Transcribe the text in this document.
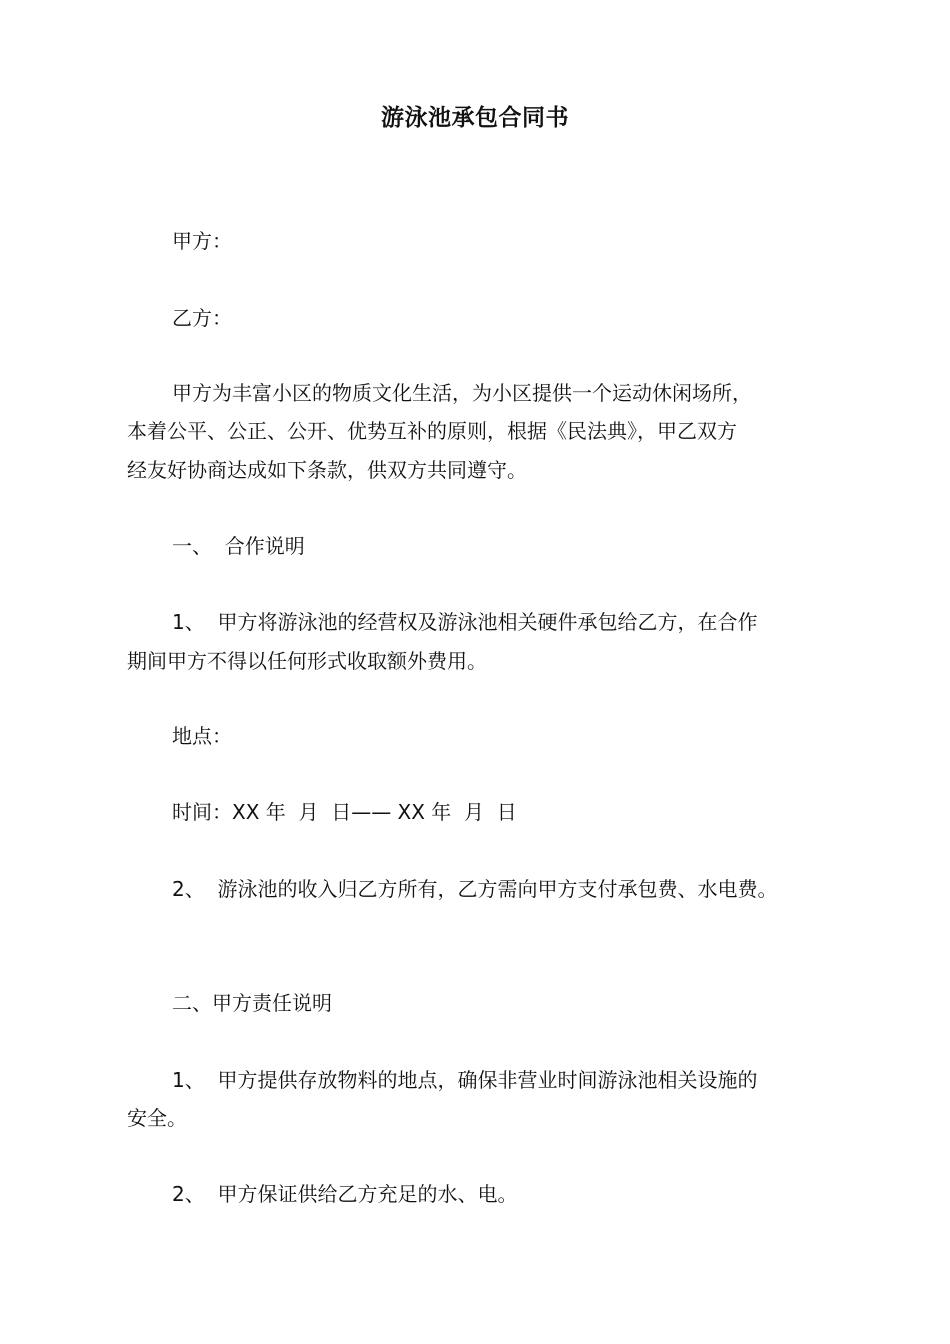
游泳池承包合同书
甲方：
乙方：
甲方为丰富小区的物质文化生活，为小区提供一个运动休闲场所，
本着公平、公正、公开、优势互补的原则，根据《民法典》，甲乙双方
经友好协商达成如下条款，供双方共同遵守。
一、  合作说明
1、  甲方将游泳池的经营权及游泳池相关硬件承包给乙方，在合作
期间甲方不得以任何形式收取额外费用。
地点：
时间：XX 年  月  日—— XX 年  月  日
2、  游泳池的收入归乙方所有，乙方需向甲方支付承包费、水电费。
二、甲方责任说明
1、  甲方提供存放物料的地点，确保非营业时间游泳池相关设施的
安全。
2、  甲方保证供给乙方充足的水、电。
